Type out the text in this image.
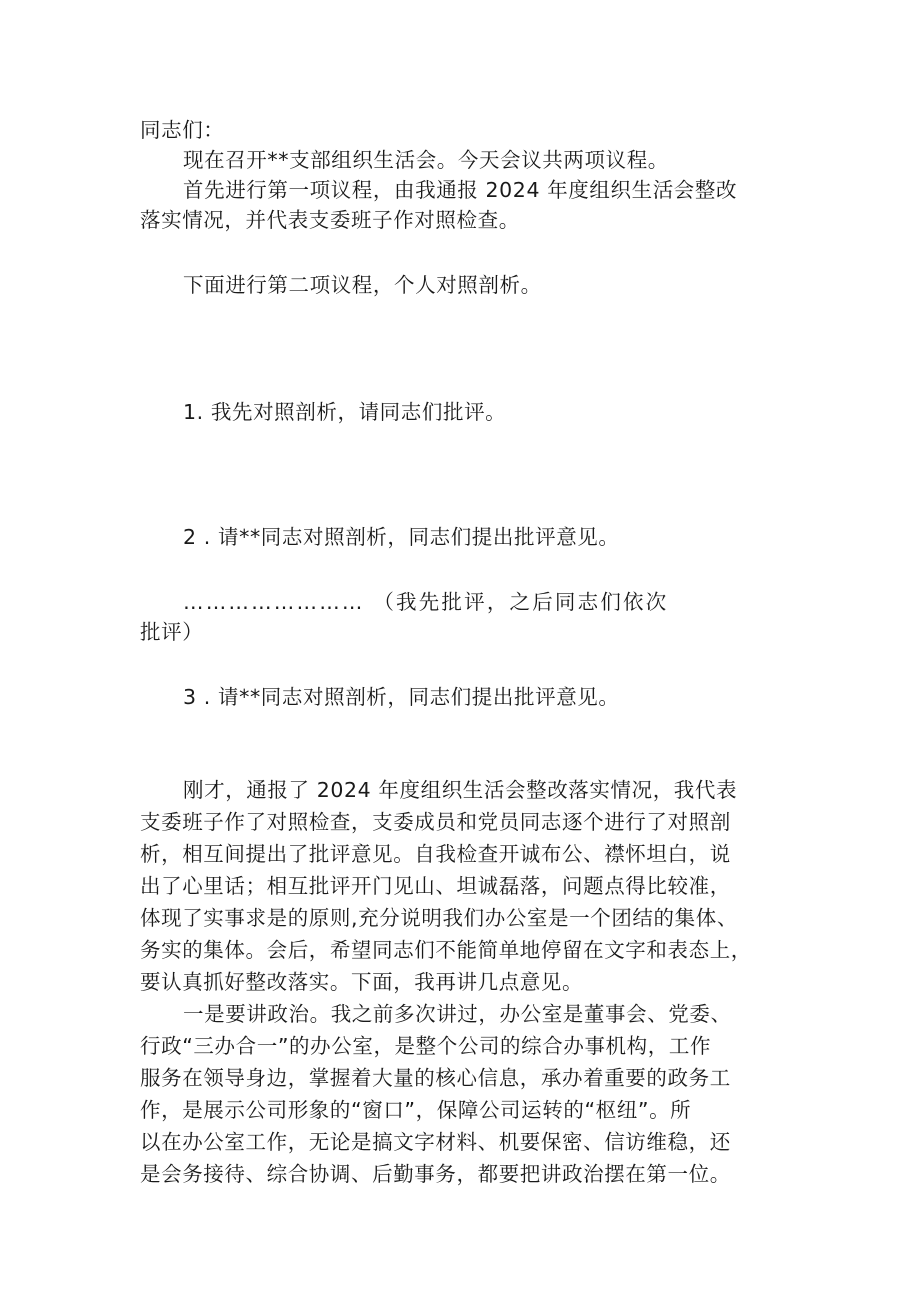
同志们：
现在召开**支部组织生活会。今天会议共两项议程。
首先进行第一项议程，由我通报 2024 年度组织生活会整改
落实情况，并代表支委班子作对照检查。
下面进行第二项议程，个人对照剖析。
1. 我先对照剖析，请同志们批评。
2 . 请**同志对照剖析，同志们提出批评意见。
…………………… （我先批评，之后同志们依次
批评）
3 . 请**同志对照剖析，同志们提出批评意见。
刚才，通报了 2024 年度组织生活会整改落实情况，我代表
支委班子作了对照检查，支委成员和党员同志逐个进行了对照剖
析，相互间提出了批评意见。自我检查开诚布公、襟怀坦白，说
出了心里话；相互批评开门见山、坦诚磊落，问题点得比较准，
体现了实事求是的原则,充分说明我们办公室是一个团结的集体、
务实的集体。会后，希望同志们不能简单地停留在文字和表态上，
要认真抓好整改落实。下面，我再讲几点意见。
一是要讲政治。我之前多次讲过，办公室是董事会、党委、
行政“三办合一”的办公室，是整个公司的综合办事机构，工作
服务在领导身边，掌握着大量的核心信息，承办着重要的政务工
作，是展示公司形象的“窗口”，保障公司运转的“枢纽”。所
以在办公室工作，无论是搞文字材料、机要保密、信访维稳，还
是会务接待、综合协调、后勤事务，都要把讲政治摆在第一位。
